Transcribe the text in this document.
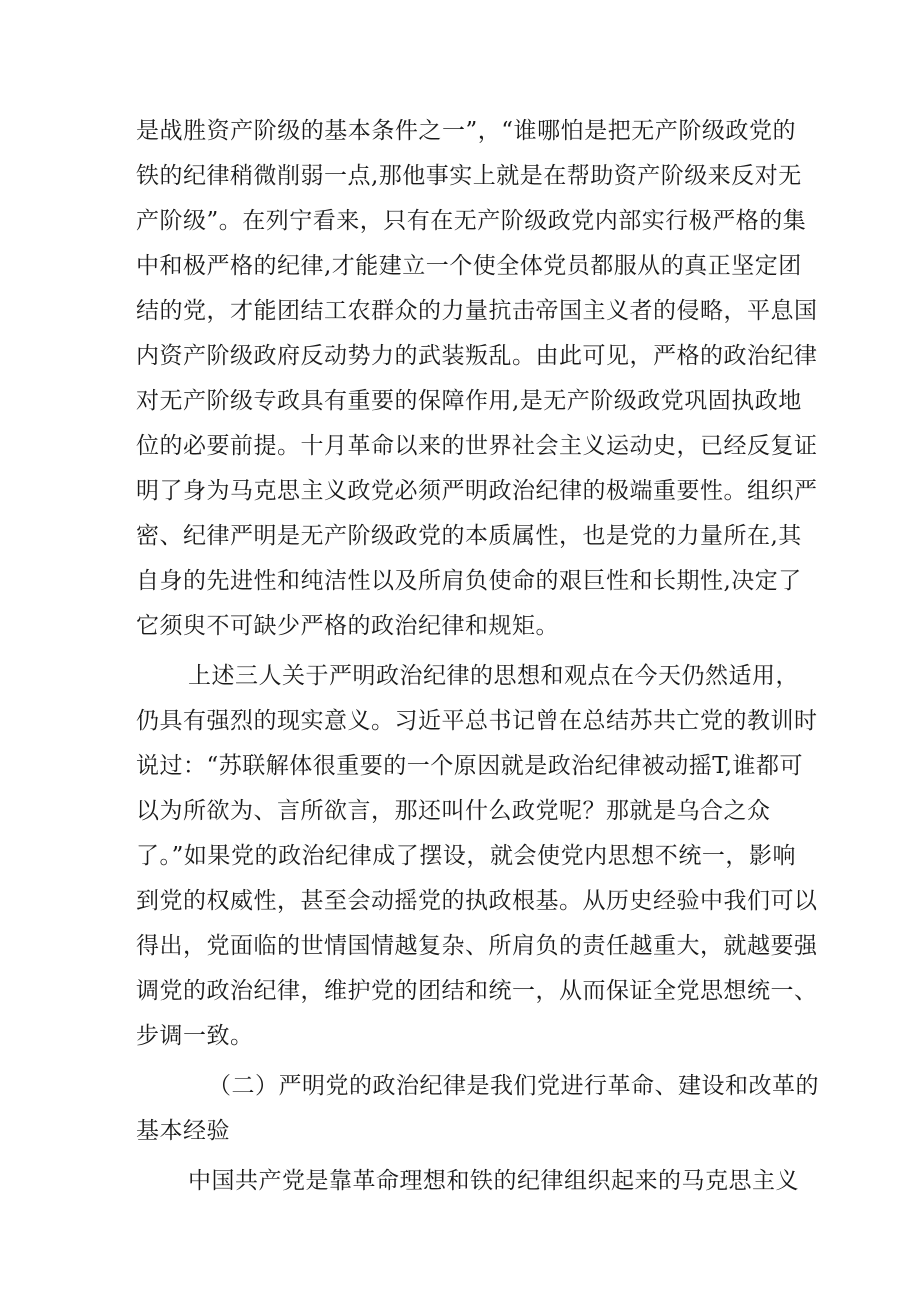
是战胜资产阶级的基本条件之一”，“谁哪怕是把无产阶级政党的
铁的纪律稍微削弱一点,那他事实上就是在帮助资产阶级来反对无
产阶级”。在列宁看来，只有在无产阶级政党内部实行极严格的集
中和极严格的纪律,才能建立一个使全体党员都服从的真正坚定团
结的党，才能团结工农群众的力量抗击帝国主义者的侵略，平息国
内资产阶级政府反动势力的武装叛乱。由此可见，严格的政治纪律
对无产阶级专政具有重要的保障作用,是无产阶级政党巩固执政地
位的必要前提。十月革命以来的世界社会主义运动史，已经反复证
明了身为马克思主义政党必须严明政治纪律的极端重要性。组织严
密、纪律严明是无产阶级政党的本质属性，也是党的力量所在,其
自身的先进性和纯洁性以及所肩负使命的艰巨性和长期性,决定了
它须臾不可缺少严格的政治纪律和规矩。
上述三人关于严明政治纪律的思想和观点在今天仍然适用，
仍具有强烈的现实意义。习近平总书记曾在总结苏共亡党的教训时
说过：“苏联解体很重要的一个原因就是政治纪律被动摇T,谁都可
以为所欲为、言所欲言，那还叫什么政党呢？那就是乌合之众
了。”如果党的政治纪律成了摆设，就会使党内思想不统一，影响
到党的权威性，甚至会动摇党的执政根基。从历史经验中我们可以
得出，党面临的世情国情越复杂、所肩负的责任越重大，就越要强
调党的政治纪律，维护党的团结和统一，从而保证全党思想统一、
步调一致。
（二）严明党的政治纪律是我们党进行革命、建设和改革的
基本经验
中国共产党是靠革命理想和铁的纪律组织起来的马克思主义
